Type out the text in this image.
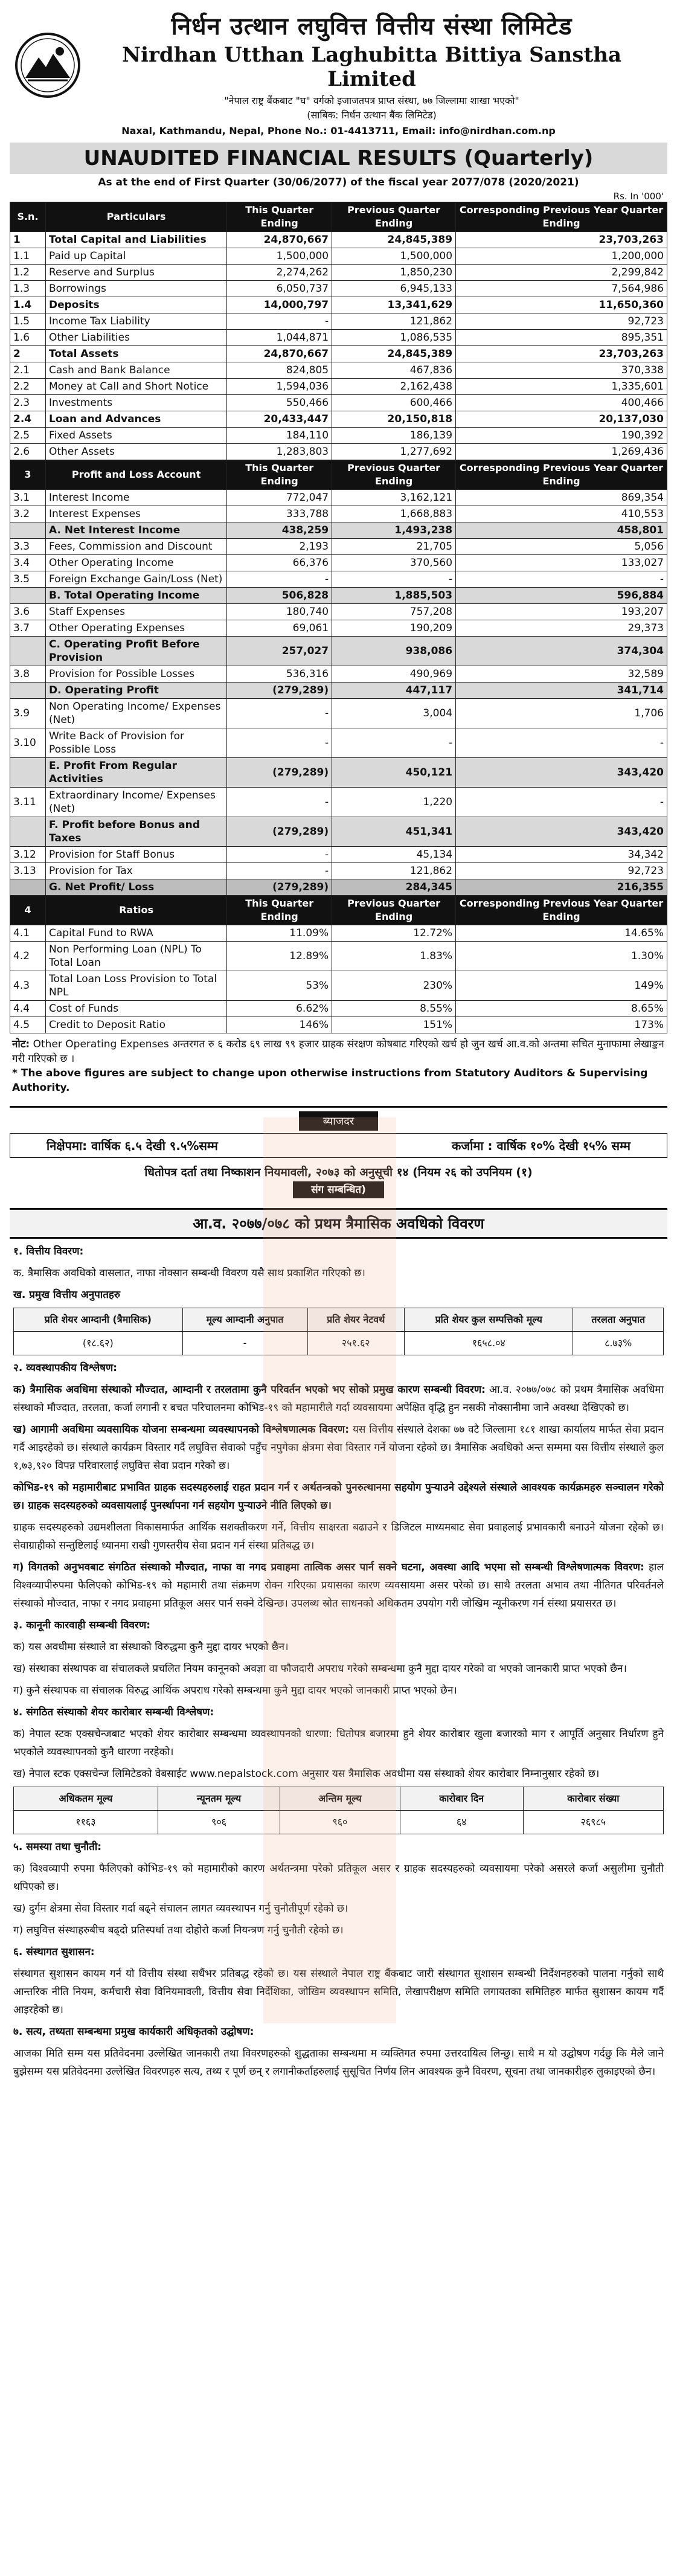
निर्धन उत्थान लघुवित्त वित्तीय संस्था लिमिटेड
Nirdhan Utthan Laghubitta Bittiya Sanstha Limited
"नेपाल राष्ट्र बैंकबाट "घ" वर्गको इजाजतपत्र प्राप्त संस्था, ७७ जिल्लामा शाखा भएको"
(साबिक: निर्धन उत्थान बैंक लिमिटेड)
Naxal, Kathmandu, Nepal, Phone No.: 01-4413711, Email: info@nirdhan.com.np
UNAUDITED FINANCIAL RESULTS (Quarterly)
As at the end of First Quarter (30/06/2077) of the fiscal year 2077/078 (2020/2021)
Rs. In '000'
S.n.	Particulars	This Quarter Ending	Previous Quarter Ending	Corresponding Previous Year Quarter Ending
1	Total Capital and Liabilities	24,870,667	24,845,389	23,703,263
1.1	Paid up Capital	1,500,000	1,500,000	1,200,000
1.2	Reserve and Surplus	2,274,262	1,850,230	2,299,842
1.3	Borrowings	6,050,737	6,945,133	7,564,986
1.4	Deposits	14,000,797	13,341,629	11,650,360
1.5	Income Tax Liability	-	121,862	92,723
1.6	Other Liabilities	1,044,871	1,086,535	895,351
2	Total Assets	24,870,667	24,845,389	23,703,263
2.1	Cash and Bank Balance	824,805	467,836	370,338
2.2	Money at Call and Short Notice	1,594,036	2,162,438	1,335,601
2.3	Investments	550,466	600,466	400,466
2.4	Loan and Advances	20,433,447	20,150,818	20,137,030
2.5	Fixed Assets	184,110	186,139	190,392
2.6	Other Assets	1,283,803	1,277,692	1,269,436
3	Profit and Loss Account	This Quarter Ending	Previous Quarter Ending	Corresponding Previous Year Quarter Ending
3.1	Interest Income	772,047	3,162,121	869,354
3.2	Interest Expenses	333,788	1,668,883	410,553
	A. Net Interest Income	438,259	1,493,238	458,801
3.3	Fees, Commission and Discount	2,193	21,705	5,056
3.4	Other Operating Income	66,376	370,560	133,027
3.5	Foreign Exchange Gain/Loss (Net)	-	-	-
	B. Total Operating Income	506,828	1,885,503	596,884
3.6	Staff Expenses	180,740	757,208	193,207
3.7	Other Operating Expenses	69,061	190,209	29,373
	C. Operating Profit Before Provision	257,027	938,086	374,304
3.8	Provision for Possible Losses	536,316	490,969	32,589
	D. Operating Profit	(279,289)	447,117	341,714
3.9	Non Operating Income/ Expenses (Net)	-	3,004	1,706
3.10	Write Back of Provision for Possible Loss	-	-	-
	E. Profit From Regular Activities	(279,289)	450,121	343,420
3.11	Extraordinary Income/ Expenses (Net)	-	1,220	-
	F. Profit before Bonus and Taxes	(279,289)	451,341	343,420
3.12	Provision for Staff Bonus	-	45,134	34,342
3.13	Provision for Tax	-	121,862	92,723
	G. Net Profit/ Loss	(279,289)	284,345	216,355
4	Ratios	This Quarter Ending	Previous Quarter Ending	Corresponding Previous Year Quarter Ending
4.1	Capital Fund to RWA	11.09%	12.72%	14.65%
4.2	Non Performing Loan (NPL) To Total Loan	12.89%	1.83%	1.30%
4.3	Total Loan Loss Provision to Total NPL	53%	230%	149%
4.4	Cost of Funds	6.62%	8.55%	8.65%
4.5	Credit to Deposit Ratio	146%	151%	173%
नोट: Other Operating Expenses अन्तरगत रु ६ करोड ६९ लाख ९९ हजार ग्राहक संरक्षण कोषबाट गरिएको खर्च हो जुन खर्च आ.व.को अन्तमा सचित मुनाफामा लेखाङ्कन गरी गरिएको छ ।
* The above figures are subject to change upon otherwise instructions from Statutory Auditors & Supervising Authority.
ब्याजदर
निक्षेपमा: वार्षिक ६.५ देखी ९.५%सम्म	कर्जामा : वार्षिक १०% देखी १५% सम्म
धितोपत्र दर्ता तथा निष्काशन नियमावली, २०७३ को अनुसूची १४ (नियम २६ को उपनियम (१)
संग सम्बन्धित)
आ.व. २०७७/०७८ को प्रथम त्रैमासिक अवधिको विवरण

१. वित्तीय विवरण:

क. त्रैमासिक अवधिको वासलात, नाफा नोक्सान सम्बन्धी विवरण यसै साथ प्रकाशित गरिएको छ।

ख. प्रमुख वित्तीय अनुपातहरु

प्रति शेयर आम्दानी (त्रैमासिक)	मूल्य आम्दानी अनुपात	प्रति शेयर नेटवर्थ	प्रति शेयर कुल सम्पत्तिको मूल्य	तरलता अनुपात
(१८.६२)	-	२५१.६२	१६५८.०४	८.७३%

२. व्यवस्थापकीय विश्लेषण:

क) त्रैमासिक अवधिमा संस्थाको मौज्दात, आम्दानी र तरलतामा कुनै परिवर्तन भएको भए सोको प्रमुख कारण सम्बन्धी विवरण: आ.व. २०७७/०७८ को प्रथम त्रैमासिक अवधिमा संस्थाको मौज्दात, तरलता, कर्जा लगानी र बचत परिचालनमा कोभिड-१९ को महामारीले गर्दा व्यवसायमा अपेक्षित वृद्धि हुन नसकी नोक्सानीमा जाने अवस्था देखिएको छ।

ख) आगामी अवधिमा व्यवसायिक योजना सम्बन्धमा व्यवस्थापनको विश्लेषणात्मक विवरण: यस वित्तीय संस्थाले देशका ७७ वटै जिल्लामा १८१ शाखा कार्यालय मार्फत सेवा प्रदान गर्दै आइरहेको छ। संस्थाले कार्यक्रम विस्तार गर्दै लघुवित्त सेवाको पहुँच नपुगेका क्षेत्रमा सेवा विस्तार गर्ने योजना रहेको छ। त्रैमासिक अवधिको अन्त सम्ममा यस वित्तीय संस्थाले कुल १,७३,९२० विपन्न परिवारलाई लघुवित्त सेवा प्रदान गरेको छ।

कोभिड-१९ को महामारीबाट प्रभावित ग्राहक सदस्यहरुलाई राहत प्रदान गर्न र अर्थतन्त्रको पुनरुत्थानमा सहयोग पुऱ्याउने उद्देश्यले संस्थाले आवश्यक कार्यक्रमहरु सञ्चालन गरेको छ। ग्राहक सदस्यहरुको व्यवसायलाई पुनर्स्थापना गर्न सहयोग पुऱ्याउने नीति लिएको छ।

ग्राहक सदस्यहरुको उद्यमशीलता विकासमार्फत आर्थिक सशक्तीकरण गर्ने, वित्तीय साक्षरता बढाउने र डिजिटल माध्यमबाट सेवा प्रवाहलाई प्रभावकारी बनाउने योजना रहेको छ। सेवाग्राहीको सन्तुष्टिलाई ध्यानमा राखी गुणस्तरीय सेवा प्रदान गर्न संस्था प्रतिबद्ध छ।

ग) विगतको अनुभवबाट संगठित संस्थाको मौज्दात, नाफा वा नगद प्रवाहमा तात्विक असर पार्न सक्ने घटना, अवस्था आदि भएमा सो सम्बन्धी विश्लेषणात्मक विवरण: हाल विश्वव्यापीरुपमा फैलिएको कोभिड-१९ को महामारी तथा संक्रमण रोक्न गरिएका प्रयासका कारण व्यवसायमा असर परेको छ। साथै तरलता अभाव तथा नीतिगत परिवर्तनले संस्थाको मौज्दात, नाफा र नगद प्रवाहमा प्रतिकूल असर पार्न सक्ने देखिन्छ। उपलब्ध स्रोत साधनको अधिकतम उपयोग गरी जोखिम न्यूनीकरण गर्न संस्था प्रयासरत छ।

३. कानूनी कारवाही सम्बन्धी विवरण:

क) यस अवधीमा संस्थाले वा संस्थाको विरुद्धमा कुनै मुद्दा दायर भएको छैन।

ख) संस्थाका संस्थापक वा संचालकले प्रचलित नियम कानूनको अवज्ञा वा फौजदारी अपराध गरेको सम्बन्धमा कुनै मुद्दा दायर गरेको वा भएको जानकारी प्राप्त भएको छैन।

ग) कुनै संस्थापक वा संचालक विरुद्ध आर्थिक अपराध गरेको सम्बन्धमा कुनै मुद्दा दायर भएको जानकारी प्राप्त भएको छैन।

४. संगठित संस्थाको शेयर कारोबार सम्बन्धी विश्लेषण:

क) नेपाल स्टक एक्सचेन्जबाट भएको शेयर कारोबार सम्बन्धमा व्यवस्थापनको धारणा: धितोपत्र बजारमा हुने शेयर कारोबार खुला बजारको माग र आपूर्ति अनुसार निर्धारण हुने भएकोले व्यवस्थापनको कुनै धारणा नरहेको।

ख) नेपाल स्टक एक्सचेन्ज लिमिटेडको वेबसाईट www.nepalstock.com अनुसार यस त्रैमासिक अवधीमा यस संस्थाको शेयर कारोबार निम्नानुसार रहेको छ।

अधिकतम मूल्य	न्यूनतम मूल्य	अन्तिम मूल्य	कारोबार दिन	कारोबार संख्या
११६३	९०६	९६०	६४	२६९८५

५. समस्या तथा चुनौती:

क) विश्वव्यापी रुपमा फैलिएको कोभिड-१९ को महामारीको कारण अर्थतन्त्रमा परेको प्रतिकूल असर र ग्राहक सदस्यहरुको व्यवसायमा परेको असरले कर्जा असुलीमा चुनौती थपिएको छ।

ख) दुर्गम क्षेत्रमा सेवा विस्तार गर्दा बढ्ने संचालन लागत व्यवस्थापन गर्नु चुनौतीपूर्ण रहेको छ।

ग) लघुवित्त संस्थाहरुबीच बढ्दो प्रतिस्पर्धा तथा दोहोरो कर्जा नियन्त्रण गर्नु चुनौती रहेको छ।

६. संस्थागत सुशासन:

संस्थागत सुशासन कायम गर्न यो वित्तीय संस्था सधैंभर प्रतिबद्ध रहेको छ। यस संस्थाले नेपाल राष्ट्र बैंकबाट जारी संस्थागत सुशासन सम्बन्धी निर्देशनहरुको पालना गर्नुको साथै आन्तरिक नीति नियम, कर्मचारी सेवा विनियमावली, वित्तीय सेवा निर्देशिका, जोखिम व्यवस्थापन समिति, लेखापरीक्षण समिति लगायतका समितिहरु मार्फत सुशासन कायम गर्दै आइरहेको छ।

७. सत्य, तथ्यता सम्बन्धमा प्रमुख कार्यकारी अधिकृतको उद्घोषण:

आजका मिति सम्म यस प्रतिवेदनमा उल्लेखित जानकारी तथा विवरणहरुको शुद्धताका सम्बन्धमा म व्यक्तिगत रुपमा उत्तरदायित्व लिन्छु। साथै म यो उद्घोषण गर्दछु कि मैले जाने बुझेसम्म यस प्रतिवेदनमा उल्लेखित विवरणहरु सत्य, तथ्य र पूर्ण छन् र लगानीकर्ताहरुलाई सुसूचित निर्णय लिन आवश्यक कुनै विवरण, सूचना तथा जानकारीहरु लुकाइएको छैन।
